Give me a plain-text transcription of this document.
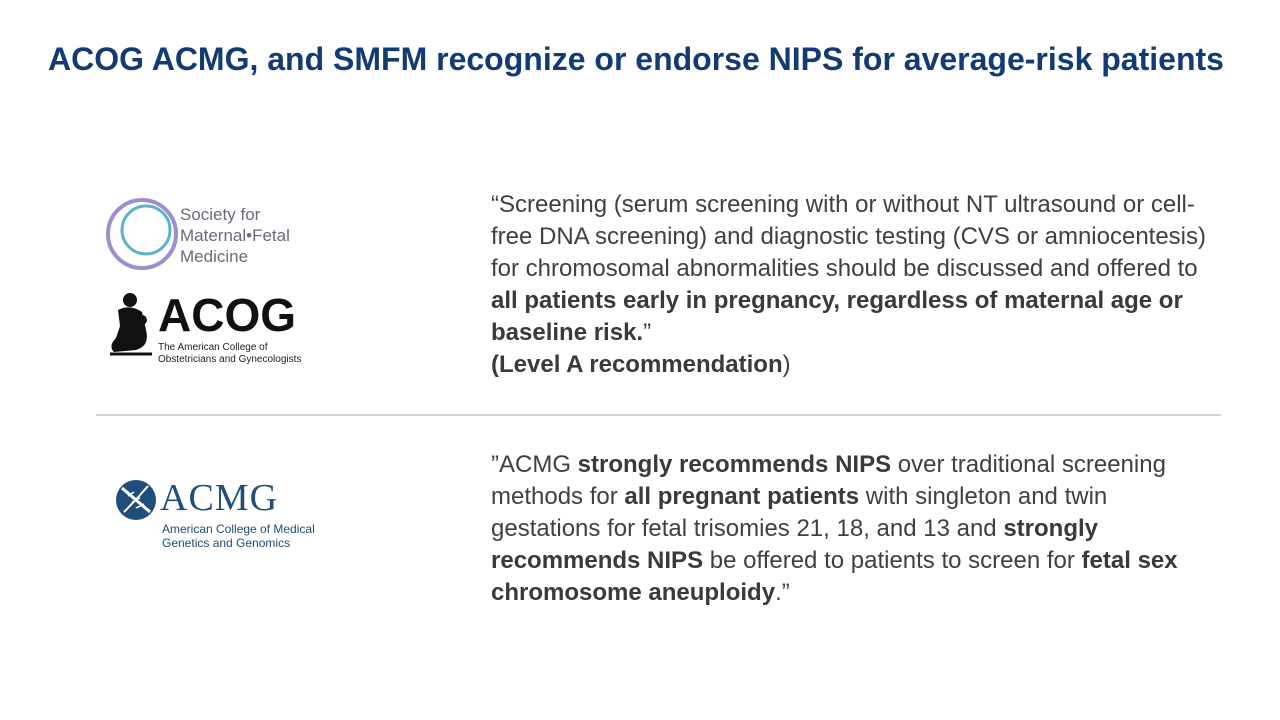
ACOG ACMG, and SMFM recognize or endorse NIPS for average-risk patients
Society for
Maternal•Fetal
Medicine
ACOG
The American College of
Obstetricians and Gynecologists

“Screening (serum screening with or without NT ultrasound or cell-free DNA screening) and diagnostic testing (CVS or amniocentesis) for chromosomal abnormalities should be discussed and offered to all patients early in pregnancy, regardless of maternal age or baseline risk.”
(Level A recommendation)

ACMG
American College of Medical
Genetics and Genomics

”ACMG strongly recommends NIPS over traditional screening methods for all pregnant patients with singleton and twin gestations for fetal trisomies 21, 18, and 13 and strongly recommends NIPS be offered to patients to screen for fetal sex chromosome aneuploidy.”
